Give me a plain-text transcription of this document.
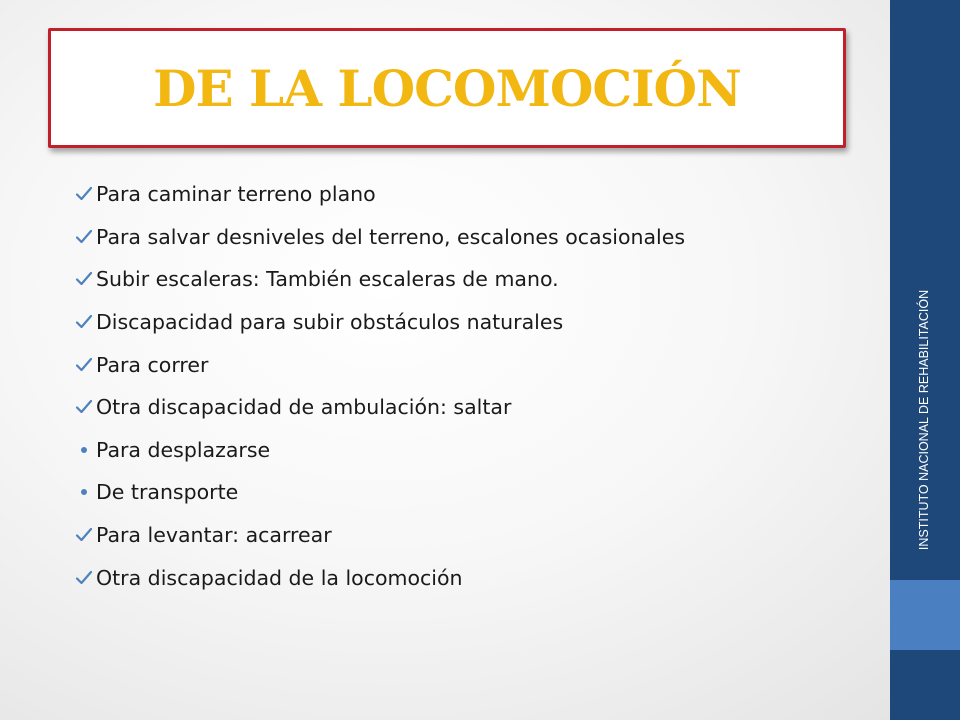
DE LA LOCOMOCIÓN
Para caminar terreno plano
Para salvar desniveles del terreno, escalones ocasionales
Subir escaleras: También escaleras de mano.
Discapacidad para subir obstáculos naturales
Para correr
Otra discapacidad de ambulación: saltar
Para desplazarse
De transporte
Para levantar: acarrear
Otra discapacidad de la locomoción
INSTITUTO NACIONAL DE REHABILITACIÓN
